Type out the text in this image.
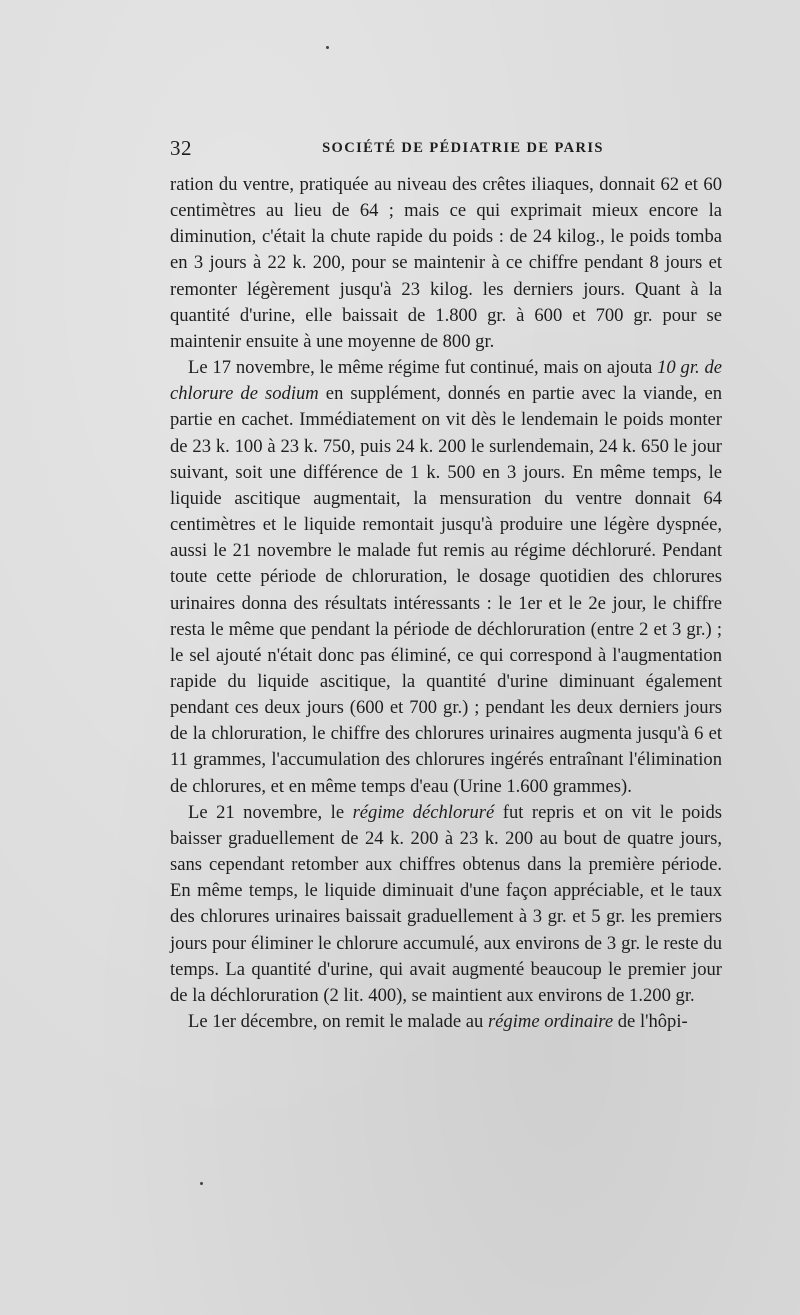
32	SOCIÉTÉ DE PÉDIATRIE DE PARIS

ration du ventre, pratiquée au niveau des crêtes iliaques, donnait 62 et 60 centimètres au lieu de 64 ; mais ce qui exprimait mieux encore la diminution, c'était la chute rapide du poids : de 24 kilog., le poids tomba en 3 jours à 22 k. 200, pour se maintenir à ce chiffre pendant 8 jours et remonter légèrement jusqu'à 23 kilog. les derniers jours. Quant à la quantité d'urine, elle baissait de 1.800 gr. à 600 et 700 gr. pour se maintenir ensuite à une moyenne de 800 gr.

Le 17 novembre, le même régime fut continué, mais on ajouta 10 gr. de chlorure de sodium en supplément, donnés en partie avec la viande, en partie en cachet. Immédiatement on vit dès le lendemain le poids monter de 23 k. 100 à 23 k. 750, puis 24 k. 200 le surlendemain, 24 k. 650 le jour suivant, soit une différence de 1 k. 500 en 3 jours. En même temps, le liquide ascitique augmentait, la mensuration du ventre donnait 64 centimètres et le liquide remontait jusqu'à produire une légère dyspnée, aussi le 21 novembre le malade fut remis au régime déchloruré. Pendant toute cette période de chloruration, le dosage quotidien des chlorures urinaires donna des résultats intéressants : le 1er et le 2e jour, le chiffre resta le même que pendant la période de déchloruration (entre 2 et 3 gr.) ; le sel ajouté n'était donc pas éliminé, ce qui correspond à l'augmentation rapide du liquide ascitique, la quantité d'urine diminuant également pendant ces deux jours (600 et 700 gr.) ; pendant les deux derniers jours de la chloruration, le chiffre des chlorures urinaires augmenta jusqu'à 6 et 11 grammes, l'accumulation des chlorures ingérés entraînant l'élimination de chlorures, et en même temps d'eau (Urine 1.600 grammes).

Le 21 novembre, le régime déchloruré fut repris et on vit le poids baisser graduellement de 24 k. 200 à 23 k. 200 au bout de quatre jours, sans cependant retomber aux chiffres obtenus dans la première période. En même temps, le liquide diminuait d'une façon appréciable, et le taux des chlorures urinaires baissait graduellement à 3 gr. et 5 gr. les premiers jours pour éliminer le chlorure accumulé, aux environs de 3 gr. le reste du temps. La quantité d'urine, qui avait augmenté beaucoup le premier jour de la déchloruration (2 lit. 400), se maintient aux environs de 1.200 gr.

Le 1er décembre, on remit le malade au régime ordinaire de l'hôpi-
